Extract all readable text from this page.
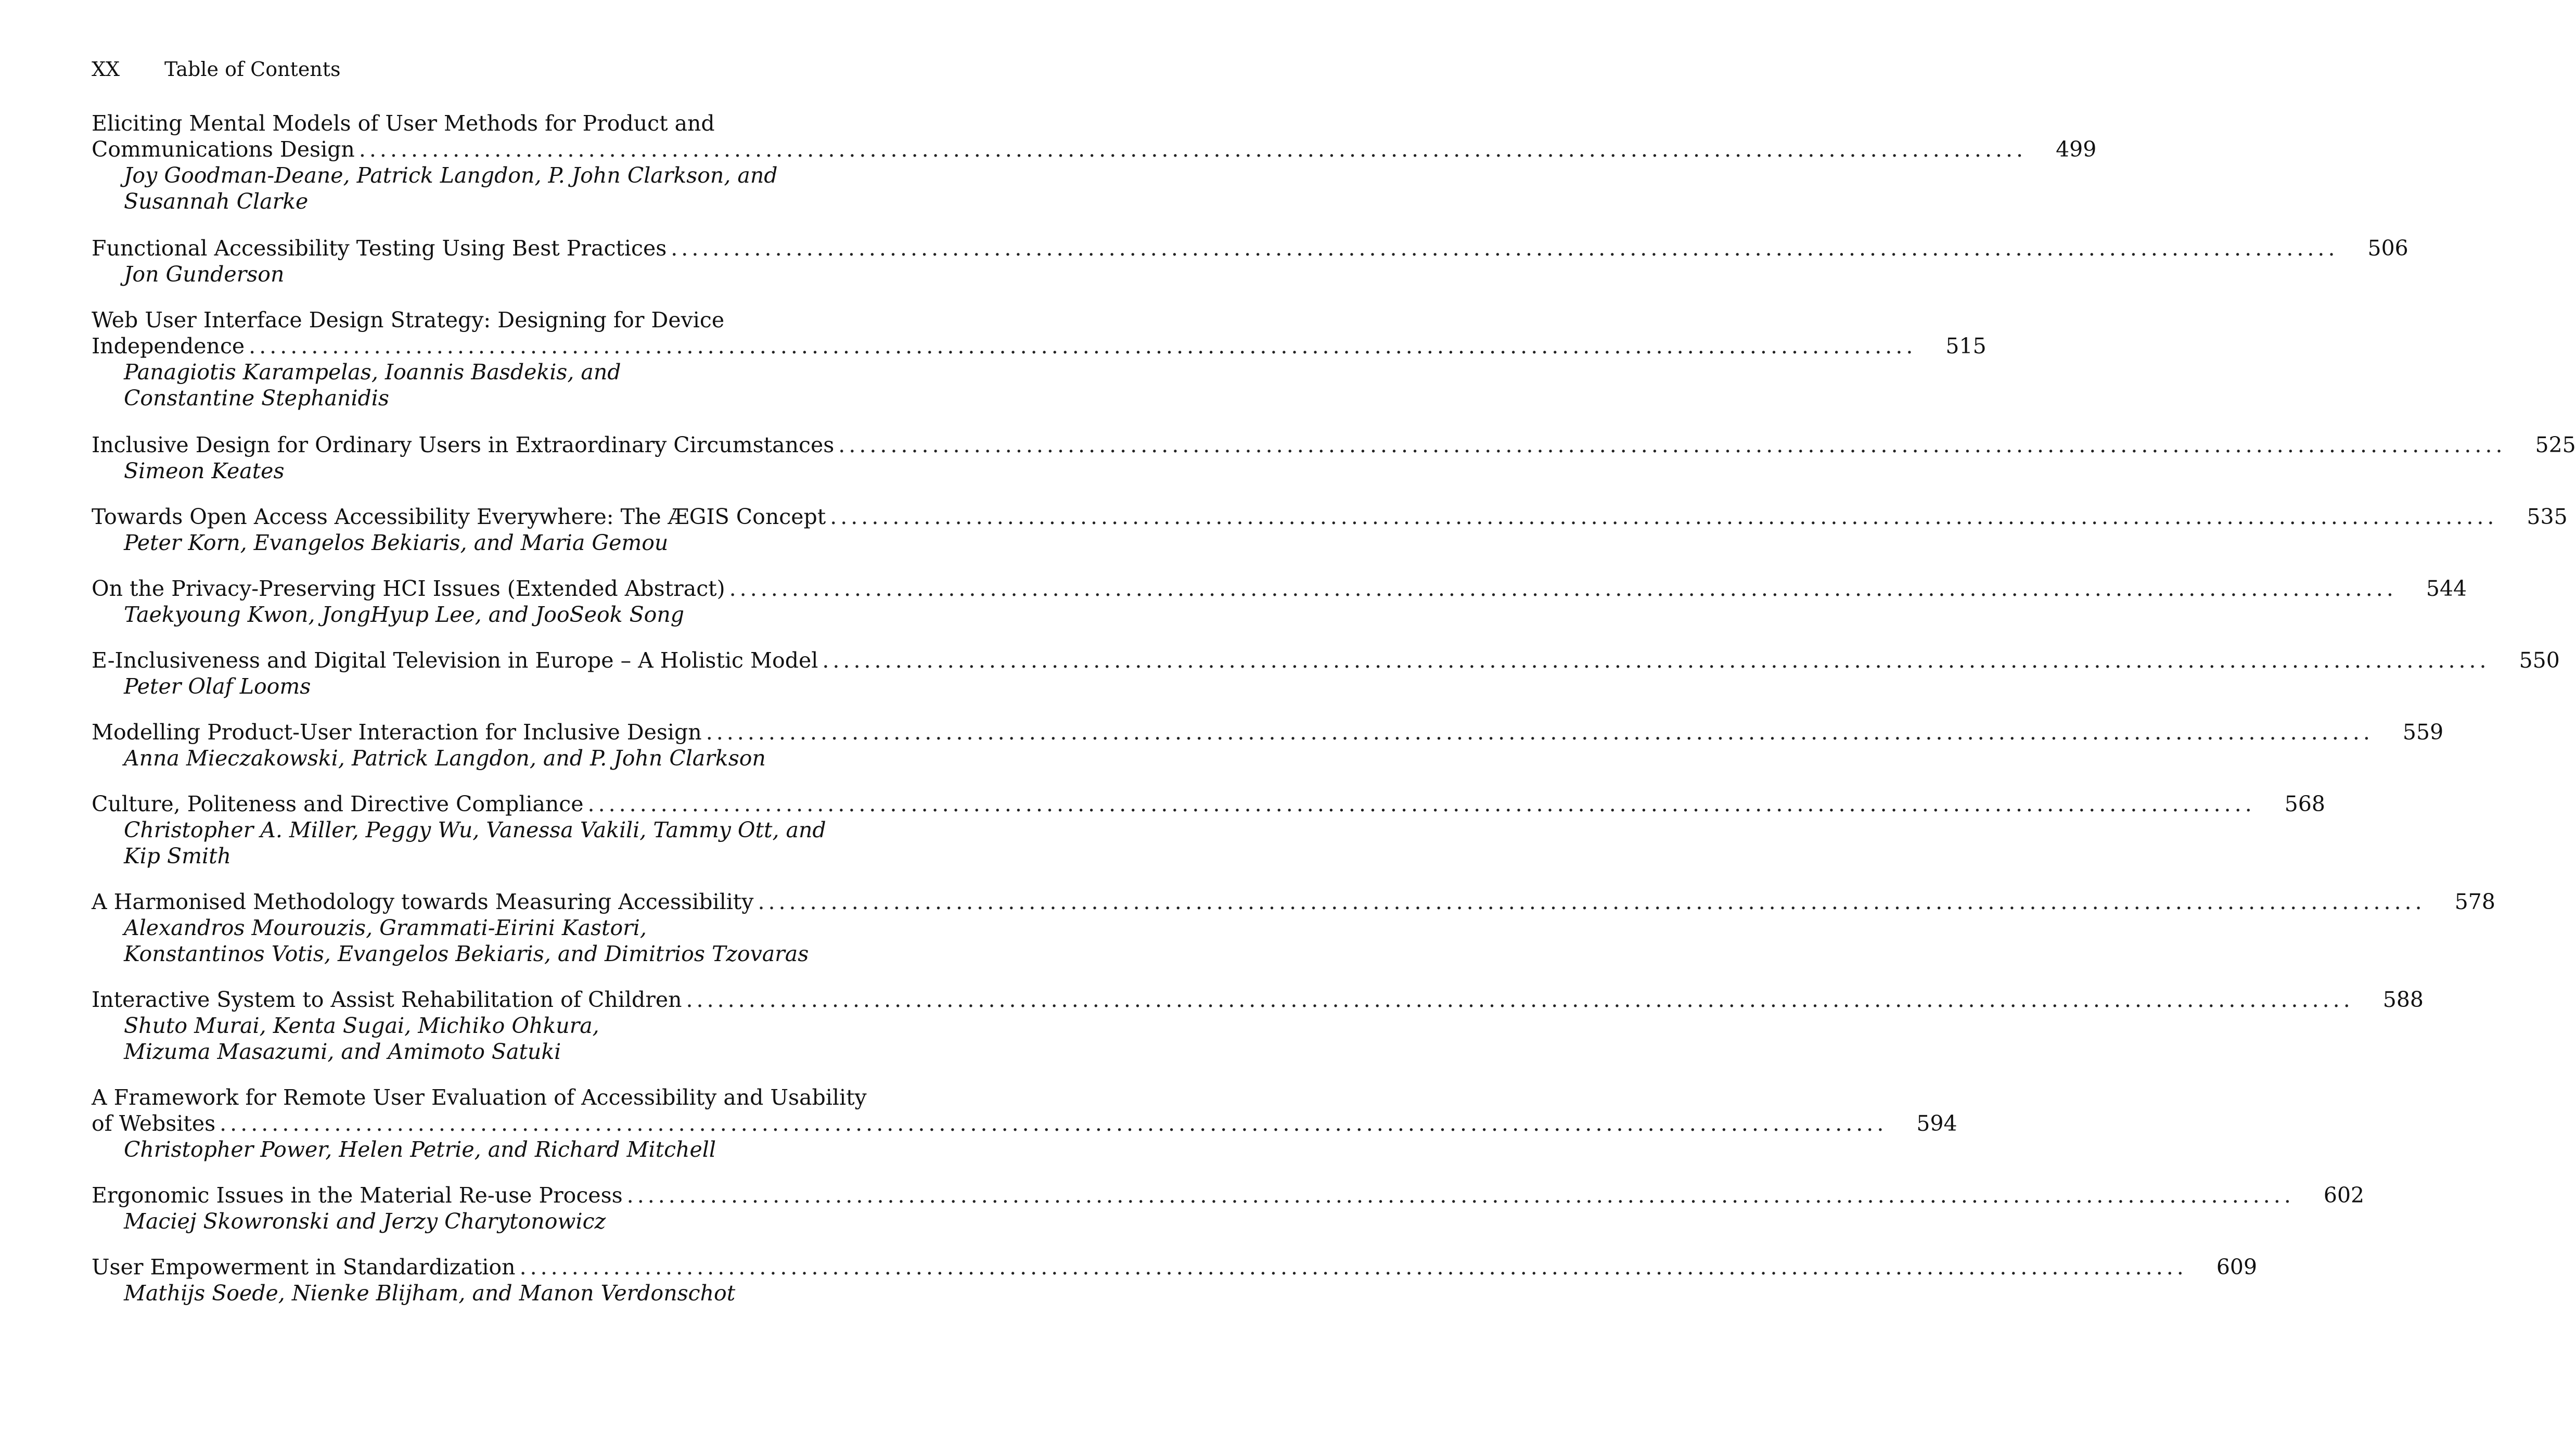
XX Table of Contents
Eliciting Mental Models of User Methods for Product and
Communications Design ................................................................................................................................................................ 499
Joy Goodman-Deane, Patrick Langdon, P. John Clarkson, and
Susannah Clarke
Functional Accessibility Testing Using Best Practices ................................................................................................................................................................ 506
Jon Gunderson
Web User Interface Design Strategy: Designing for Device
Independence ................................................................................................................................................................ 515
Panagiotis Karampelas, Ioannis Basdekis, and
Constantine Stephanidis
Inclusive Design for Ordinary Users in Extraordinary Circumstances ................................................................................................................................................................ 525
Simeon Keates
Towards Open Access Accessibility Everywhere: The ÆGIS Concept ................................................................................................................................................................ 535
Peter Korn, Evangelos Bekiaris, and Maria Gemou
On the Privacy-Preserving HCI Issues (Extended Abstract) ................................................................................................................................................................ 544
Taekyoung Kwon, JongHyup Lee, and JooSeok Song
E-Inclusiveness and Digital Television in Europe – A Holistic Model ................................................................................................................................................................ 550
Peter Olaf Looms
Modelling Product-User Interaction for Inclusive Design ................................................................................................................................................................ 559
Anna Mieczakowski, Patrick Langdon, and P. John Clarkson
Culture, Politeness and Directive Compliance ................................................................................................................................................................ 568
Christopher A. Miller, Peggy Wu, Vanessa Vakili, Tammy Ott, and
Kip Smith
A Harmonised Methodology towards Measuring Accessibility ................................................................................................................................................................ 578
Alexandros Mourouzis, Grammati-Eirini Kastori,
Konstantinos Votis, Evangelos Bekiaris, and Dimitrios Tzovaras
Interactive System to Assist Rehabilitation of Children ................................................................................................................................................................ 588
Shuto Murai, Kenta Sugai, Michiko Ohkura,
Mizuma Masazumi, and Amimoto Satuki
A Framework for Remote User Evaluation of Accessibility and Usability
of Websites ................................................................................................................................................................ 594
Christopher Power, Helen Petrie, and Richard Mitchell
Ergonomic Issues in the Material Re-use Process ................................................................................................................................................................ 602
Maciej Skowronski and Jerzy Charytonowicz
User Empowerment in Standardization ................................................................................................................................................................ 609
Mathijs Soede, Nienke Blijham, and Manon Verdonschot
